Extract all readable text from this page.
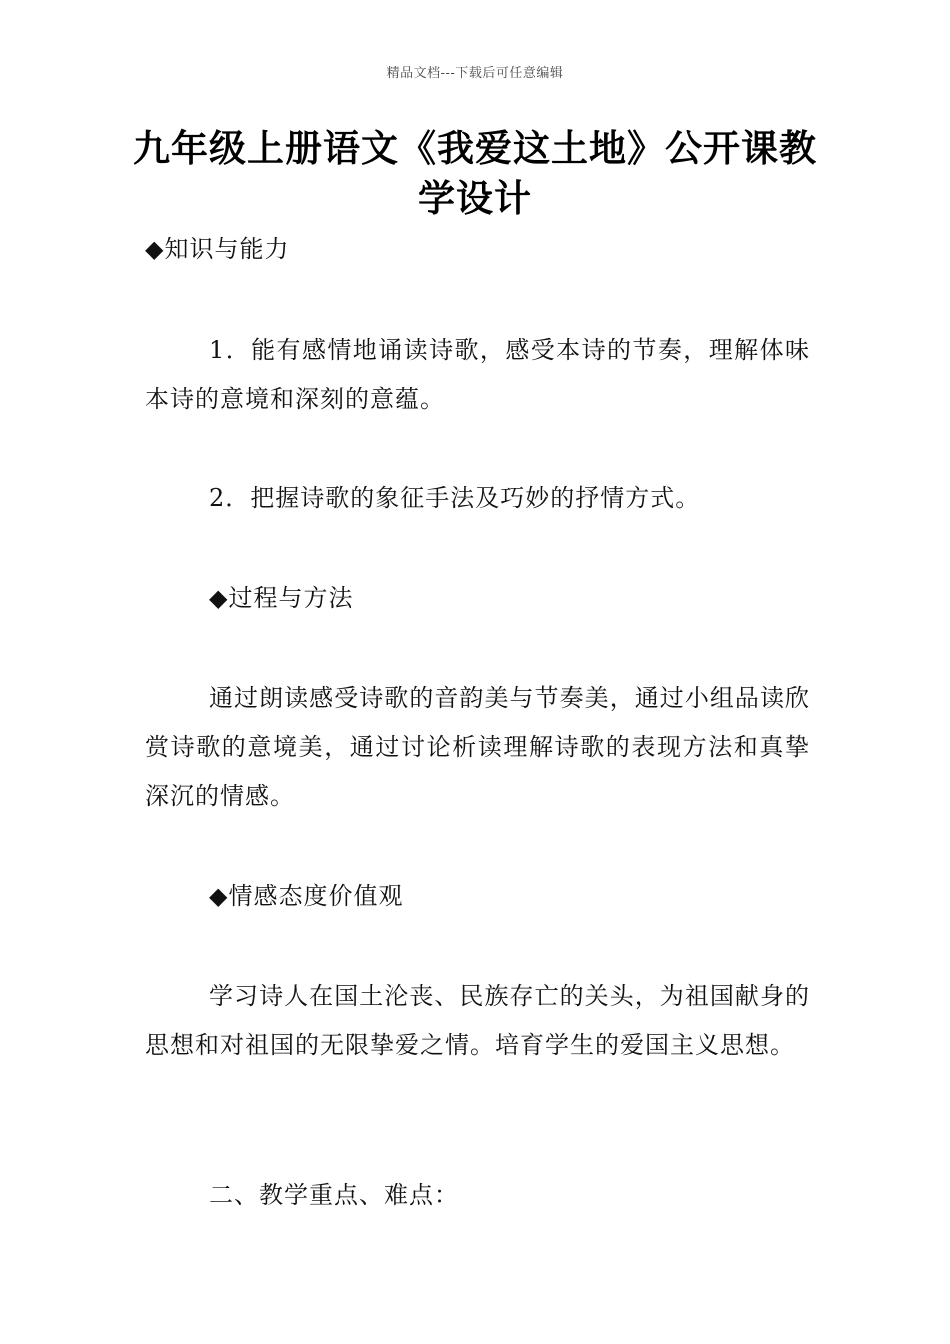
精品文档---下载后可任意编辑
九年级上册语文《我爱这土地》公开课教学设计

◆知识与能力

1．能有感情地诵读诗歌，感受本诗的节奏，理解体味本诗的意境和深刻的意蕴。

2．把握诗歌的象征手法及巧妙的抒情方式。

◆过程与方法

通过朗读感受诗歌的音韵美与节奏美，通过小组品读欣赏诗歌的意境美，通过讨论析读理解诗歌的表现方法和真挚深沉的情感。

◆情感态度价值观

学习诗人在国土沦丧、民族存亡的关头，为祖国献身的思想和对祖国的无限挚爱之情。培育学生的爱国主义思想。

二、教学重点、难点：
